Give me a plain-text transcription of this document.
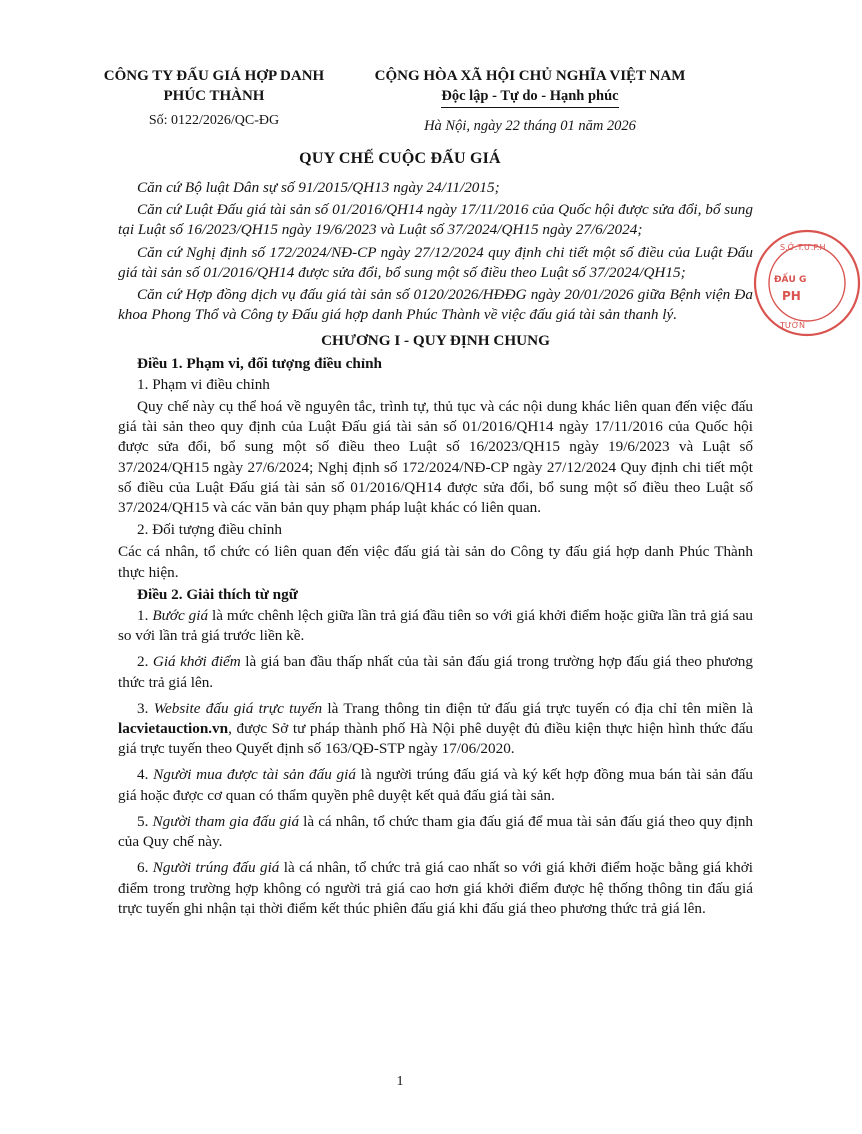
CÔNG TY ĐẤU GIÁ HỢP DANH
PHÚC THÀNH
Số: 0122/2026/QC-ĐG
CỘNG HÒA XÃ HỘI CHỦ NGHĨA VIỆT NAM
Độc lập - Tự do - Hạnh phúc
Hà Nội, ngày 22 tháng 01 năm 2026
QUY CHẾ CUỘC ĐẤU GIÁ

Căn cứ Bộ luật Dân sự số 91/2015/QH13 ngày 24/11/2015;

Căn cứ Luật Đấu giá tài sản số 01/2016/QH14 ngày 17/11/2016 của Quốc hội được sửa đổi, bổ sung tại Luật số 16/2023/QH15 ngày 19/6/2023 và Luật số 37/2024/QH15 ngày 27/6/2024;

Căn cứ Nghị định số 172/2024/NĐ-CP ngày 27/12/2024 quy định chi tiết một số điều của Luật Đấu giá tài sản số 01/2016/QH14 được sửa đổi, bổ sung một số điều theo Luật số 37/2024/QH15;

Căn cứ Hợp đồng dịch vụ đấu giá tài sản số 0120/2026/HĐĐG ngày 20/01/2026 giữa Bệnh viện Đa khoa Phong Thổ và Công ty Đấu giá hợp danh Phúc Thành về việc đấu giá tài sản thanh lý.

CHƯƠNG I - QUY ĐỊNH CHUNG

Điều 1. Phạm vi, đối tượng điều chỉnh

1. Phạm vi điều chỉnh

Quy chế này cụ thể hoá về nguyên tắc, trình tự, thủ tục và các nội dung khác liên quan đến việc đấu giá tài sản theo quy định của Luật Đấu giá tài sản số 01/2016/QH14 ngày 17/11/2016 của Quốc hội được sửa đổi, bổ sung một số điều theo Luật số 16/2023/QH15 ngày 19/6/2023 và Luật số 37/2024/QH15 ngày 27/6/2024; Nghị định số 172/2024/NĐ-CP ngày 27/12/2024 Quy định chi tiết một số điều của Luật Đấu giá tài sản số 01/2016/QH14 được sửa đổi, bổ sung một số điều theo Luật số 37/2024/QH15 và các văn bản quy phạm pháp luật khác có liên quan.

2. Đối tượng điều chỉnh

Các cá nhân, tổ chức có liên quan đến việc đấu giá tài sản do Công ty đấu giá hợp danh Phúc Thành thực hiện.

Điều 2. Giải thích từ ngữ

1. Bước giá là mức chênh lệch giữa lần trả giá đầu tiên so với giá khởi điểm hoặc giữa lần trả giá sau so với lần trả giá trước liền kề.

2. Giá khởi điểm là giá ban đầu thấp nhất của tài sản đấu giá trong trường hợp đấu giá theo phương thức trả giá lên.

3. Website đấu giá trực tuyến là Trang thông tin điện tử đấu giá trực tuyến có địa chỉ tên miền là lacvietauction.vn, được Sở tư pháp thành phố Hà Nội phê duyệt đủ điều kiện thực hiện hình thức đấu giá trực tuyến theo Quyết định số 163/QĐ-STP ngày 17/06/2020.

4. Người mua được tài sản đấu giá là người trúng đấu giá và ký kết hợp đồng mua bán tài sản đấu giá hoặc được cơ quan có thẩm quyền phê duyệt kết quả đấu giá tài sản.

5. Người tham gia đấu giá là cá nhân, tổ chức tham gia đấu giá để mua tài sản đấu giá theo quy định của Quy chế này.

6. Người trúng đấu giá là cá nhân, tổ chức trả giá cao nhất so với giá khởi điểm hoặc bằng giá khởi điểm trong trường hợp không có người trả giá cao hơn giá khởi điểm được hệ thống thông tin đấu giá trực tuyến ghi nhận tại thời điểm kết thúc phiên đấu giá khi đấu giá theo phương thức trả giá lên.

1
S.Ở.T.Ư.P.H
ĐẤU G
PH
TƯỜN
